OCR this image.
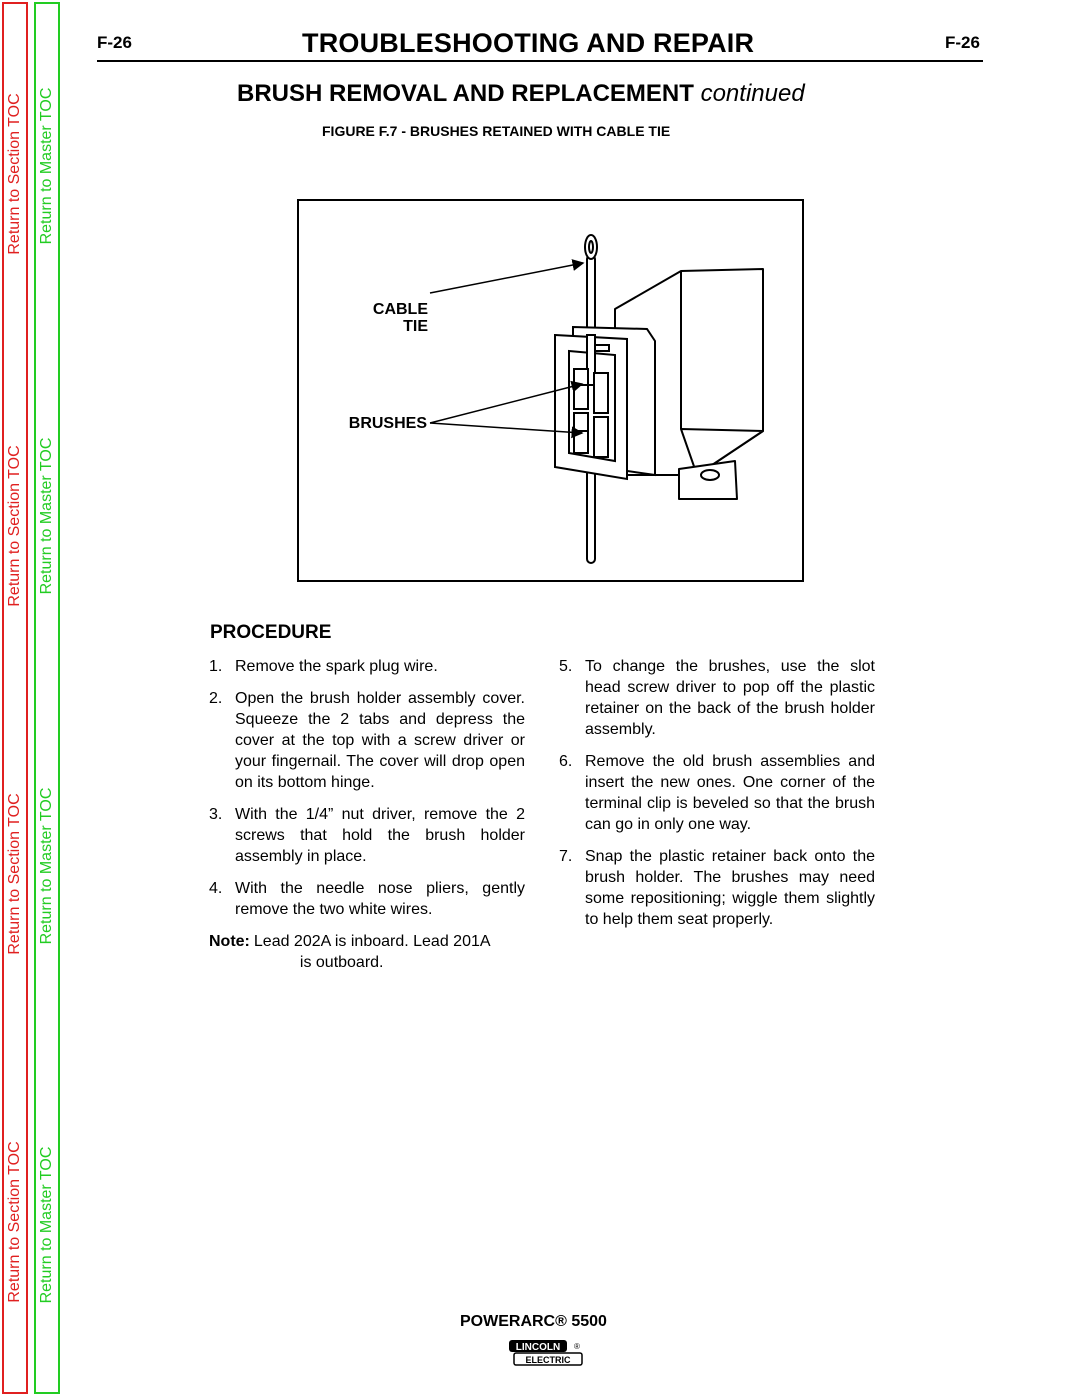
Return to Section TOC
Return to Section TOC
Return to Section TOC
Return to Section TOC
Return to Master TOC
Return to Master TOC
Return to Master TOC
Return to Master TOC
F-26	TROUBLESHOOTING AND REPAIR	F-26
BRUSH REMOVAL AND REPLACEMENT continued
FIGURE F.7 - BRUSHES RETAINED WITH CABLE TIE
CABLE
TIE
BRUSHES
PROCEDURE
1. Remove the spark plug wire.
2. Open the brush holder assembly cover. Squeeze the 2 tabs and depress the cover at the top with a screw driver or your fingernail. The cover will drop open on its bottom hinge.
3. With the 1/4” nut driver, remove the 2 screws that hold the brush holder assembly in place.
4. With the needle nose pliers, gently remove the two white wires.
Note: Lead 202A is inboard. Lead 201A
is outboard.
5. To change the brushes, use the slot head screw driver to pop off the plastic retainer on the back of the brush holder assembly.
6. Remove the old brush assemblies and insert the new ones. One corner of the terminal clip is beveled so that the brush can go in only one way.
7. Snap the plastic retainer back onto the brush holder. The brushes may need some repositioning; wiggle them slightly to help them seat properly.
POWERARC® 5500
LINCOLN ®
ELECTRIC
